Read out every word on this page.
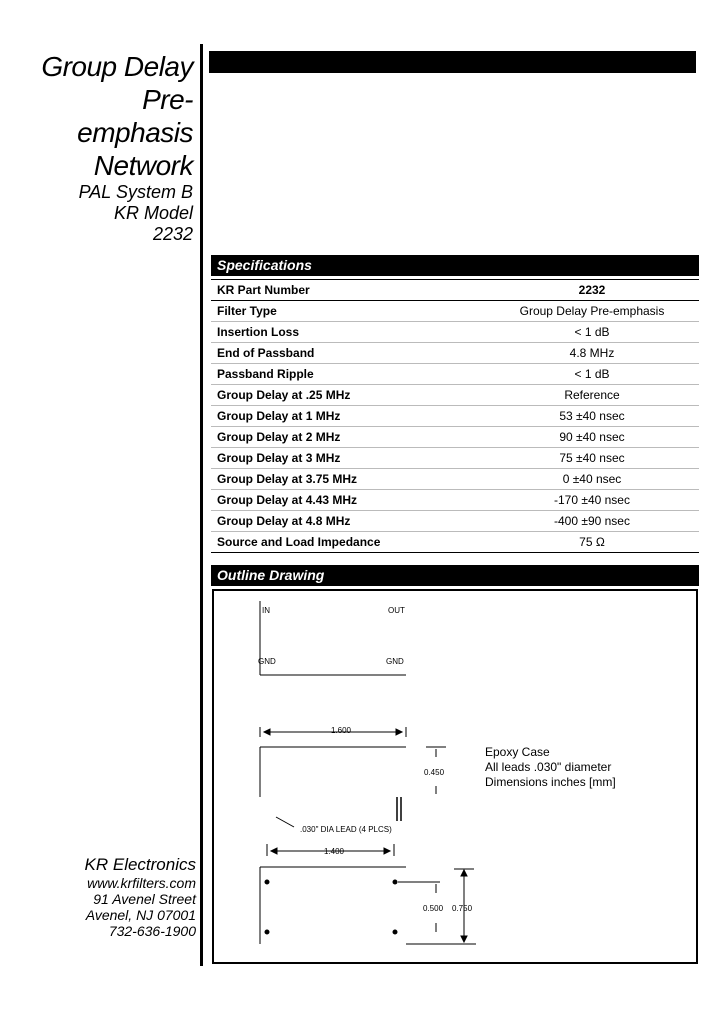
Group Delay
Pre-
emphasis
Network
PAL System B
KR Model
2232
Specifications
KR Part Number	2232
Filter Type	Group Delay Pre-emphasis
Insertion Loss	< 1 dB
End of Passband	4.8 MHz
Passband Ripple	< 1 dB
Group Delay at .25 MHz	Reference
Group Delay at 1 MHz	53 ±40 nsec
Group Delay at 2 MHz	90 ±40 nsec
Group Delay at 3 MHz	75 ±40 nsec
Group Delay at 3.75 MHz	0 ±40 nsec
Group Delay at 4.43 MHz	-170 ±40 nsec
Group Delay at 4.8 MHz	-400 ±90 nsec
Source and Load Impedance	75 Ω
Outline Drawing
IN	OUT
GND	GND
1.600
0.450
.030" DIA LEAD (4 PLCS)
1.400
0.500 0.750
Epoxy Case
All leads .030" diameter
Dimensions inches [mm]
KR Electronics
www.krfilters.com
91 Avenel Street
Avenel, NJ 07001
732-636-1900
